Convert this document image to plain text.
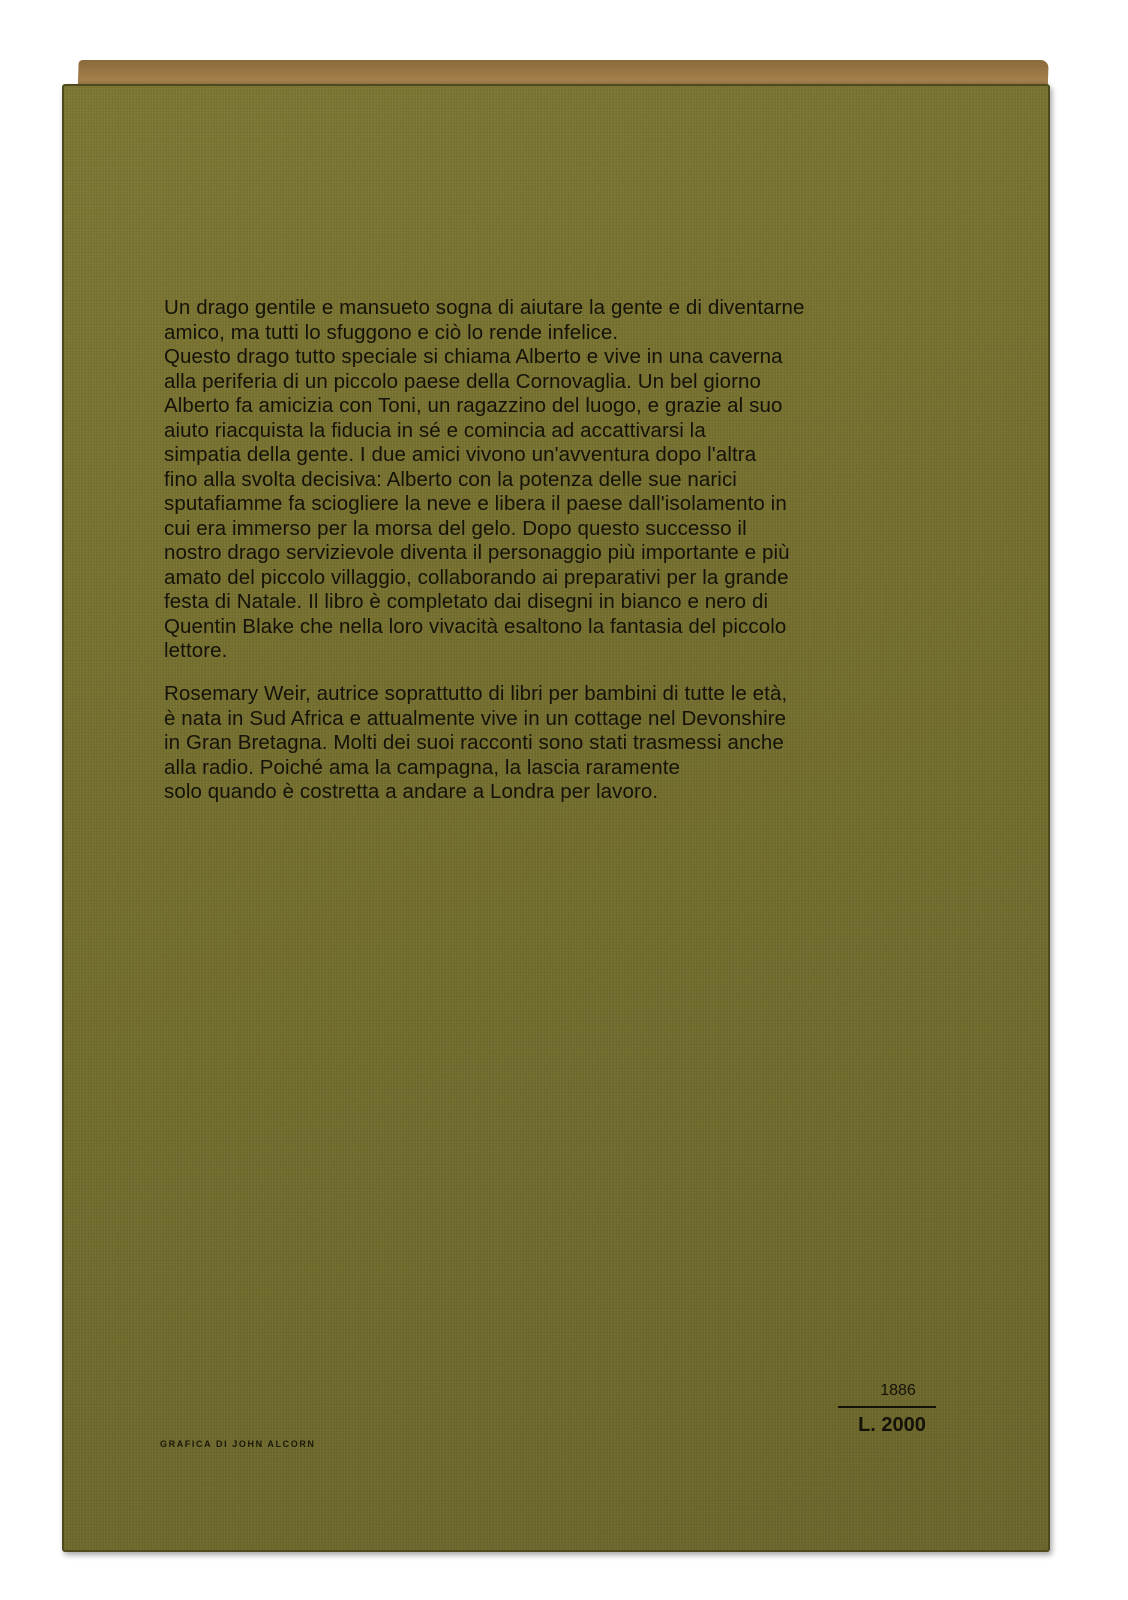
Un drago gentile e mansueto sogna di aiutare la gente e di diventarne
amico, ma tutti lo sfuggono e ciò lo rende infelice.
Questo drago tutto speciale si chiama Alberto e vive in una caverna
alla periferia di un piccolo paese della Cornovaglia. Un bel giorno
Alberto fa amicizia con Toni, un ragazzino del luogo, e grazie al suo
aiuto riacquista la fiducia in sé e comincia ad accattivarsi la
simpatia della gente. I due amici vivono un'avventura dopo l'altra
fino alla svolta decisiva: Alberto con la potenza delle sue narici
sputafiamme fa sciogliere la neve e libera il paese dall'isolamento in
cui era immerso per la morsa del gelo. Dopo questo successo il
nostro drago servizievole diventa il personaggio più importante e più
amato del piccolo villaggio, collaborando ai preparativi per la grande
festa di Natale. Il libro è completato dai disegni in bianco e nero di
Quentin Blake che nella loro vivacità esaltono la fantasia del piccolo
lettore.

Rosemary Weir, autrice soprattutto di libri per bambini di tutte le età,
è nata in Sud Africa e attualmente vive in un cottage nel Devonshire
in Gran Bretagna. Molti dei suoi racconti sono stati trasmessi anche
alla radio. Poiché ama la campagna, la lascia raramente
solo quando è costretta a andare a Londra per lavoro.

GRAFICA DI JOHN ALCORN
1886
L. 2000
